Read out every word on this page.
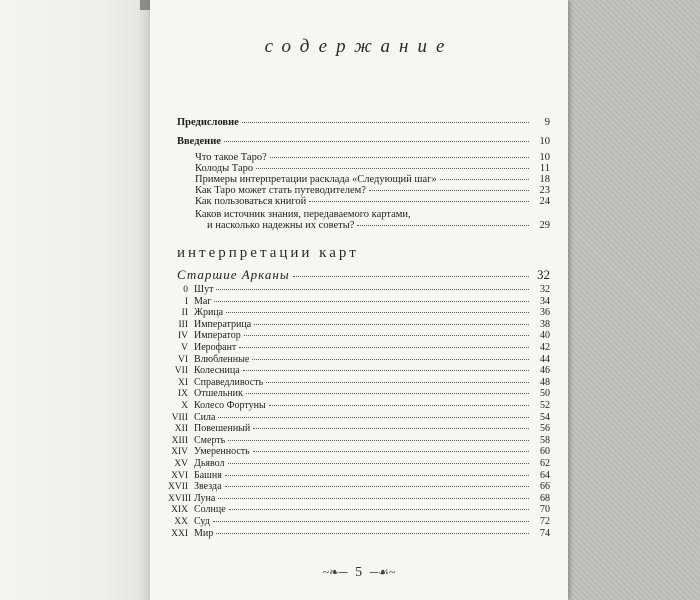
содержание
Предисловие	9
Введение	10
Что такое Таро?	10
Колоды Таро	11
Примеры интерпретации расклада «Следующий шаг»	18
Как Таро может стать путеводителем?	23
Как пользоваться книгой	24
Каков источник знания, передаваемого картами,
и насколько надежны их советы?	29
интерпретации карт
Старшие Арканы	32
0 Шут	32
I Маг	34
II Жрица	36
III Императрица	38
IV Император	40
V Иерофант	42
VI Влюбленные	44
VII Колесница	46
XI Справедливость	48
IX Отшельник	50
X Колесо Фортуны	52
VIII Сила	54
XII Повешенный	56
XIII Смерть	58
XIV Умеренность	60
XV Дьявол	62
XVI Башня	64
XVII Звезда	66
XVIII Луна	68
XIX Солнце	70
XX Суд	72
XXI Мир	74
~❧─ 5 ─☙~
